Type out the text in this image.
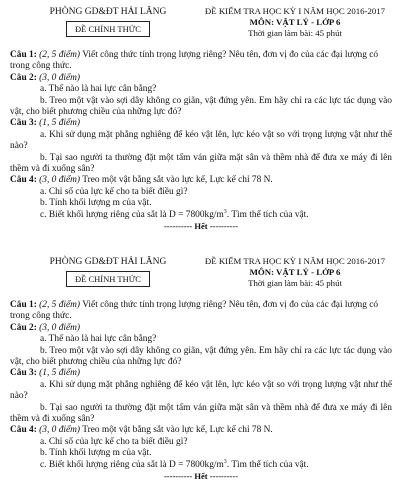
PHÒNG GD&ĐT HẢI LĂNG
ĐỀ CHÍNH THỨC
ĐỀ KIỂM TRA HỌC KỲ I NĂM HỌC 2016-2017
MÔN: VẬT LÝ - LỚP 6
Thời gian làm bài: 45 phút

Câu 1: (2, 5 điểm) Viết công thức tính trọng lượng riêng? Nêu tên, đơn vị đo của các đại lượng có trong công thức.

Câu 2: (3, 0 điểm)

a. Thế nào là hai lực cân bằng?

b. Treo một vật vào sợi dây không co giãn, vật đứng yên. Em hãy chỉ ra các lực tác dụng vào vật, cho biết phương chiều của những lực đó?

Câu 3: (1, 5 điểm)

a. Khi sử dụng mặt phẳng nghiêng để kéo vật lên, lực kéo vật so với trọng lượng vật như thế nào?

b. Tại sao người ta thường đặt một tấm ván giữa mặt sân và thềm nhà để đưa xe máy đi lên thềm và đi xuống sân?

Câu 4: (3, 0 điểm) Treo một vật bằng sắt vào lực kế, Lực kế chỉ 78 N.

a. Chỉ số của lực kế cho ta biết điều gì?

b. Tính khối lượng m của vật.

c. Biết khối lượng riêng của sắt là $D = 7800kg/m^3$. Tìm thể tích của vật.

---------- Hết ----------

PHÒNG GD&ĐT HẢI LĂNG
ĐỀ CHÍNH THỨC
ĐỀ KIỂM TRA HỌC KỲ I NĂM HỌC 2016-2017
MÔN: VẬT LÝ - LỚP 6
Thời gian làm bài: 45 phút

Câu 1: (2, 5 điểm) Viết công thức tính trọng lượng riêng? Nêu tên, đơn vị đo của các đại lượng có trong công thức.

Câu 2: (3, 0 điểm)

a. Thế nào là hai lực cân bằng?

b. Treo một vật vào sợi dây không co giãn, vật đứng yên. Em hãy chỉ ra các lực tác dụng vào vật, cho biết phương chiều của những lực đó?

Câu 3: (1, 5 điểm)

a. Khi sử dụng mặt phẳng nghiêng để kéo vật lên, lực kéo vật so với trọng lượng vật như thế nào?

b. Tại sao người ta thường đặt một tấm ván giữa mặt sân và thềm nhà để đưa xe máy đi lên thềm và đi xuống sân?

Câu 4: (3, 0 điểm) Treo một vật bằng sắt vào lực kế, Lực kế chỉ 78 N.

a. Chỉ số của lực kế cho ta biết điều gì?

b. Tính khối lượng m của vật.

c. Biết khối lượng riêng của sắt là $D = 7800kg/m^3$. Tìm thể tích của vật.

---------- Hết ----------
